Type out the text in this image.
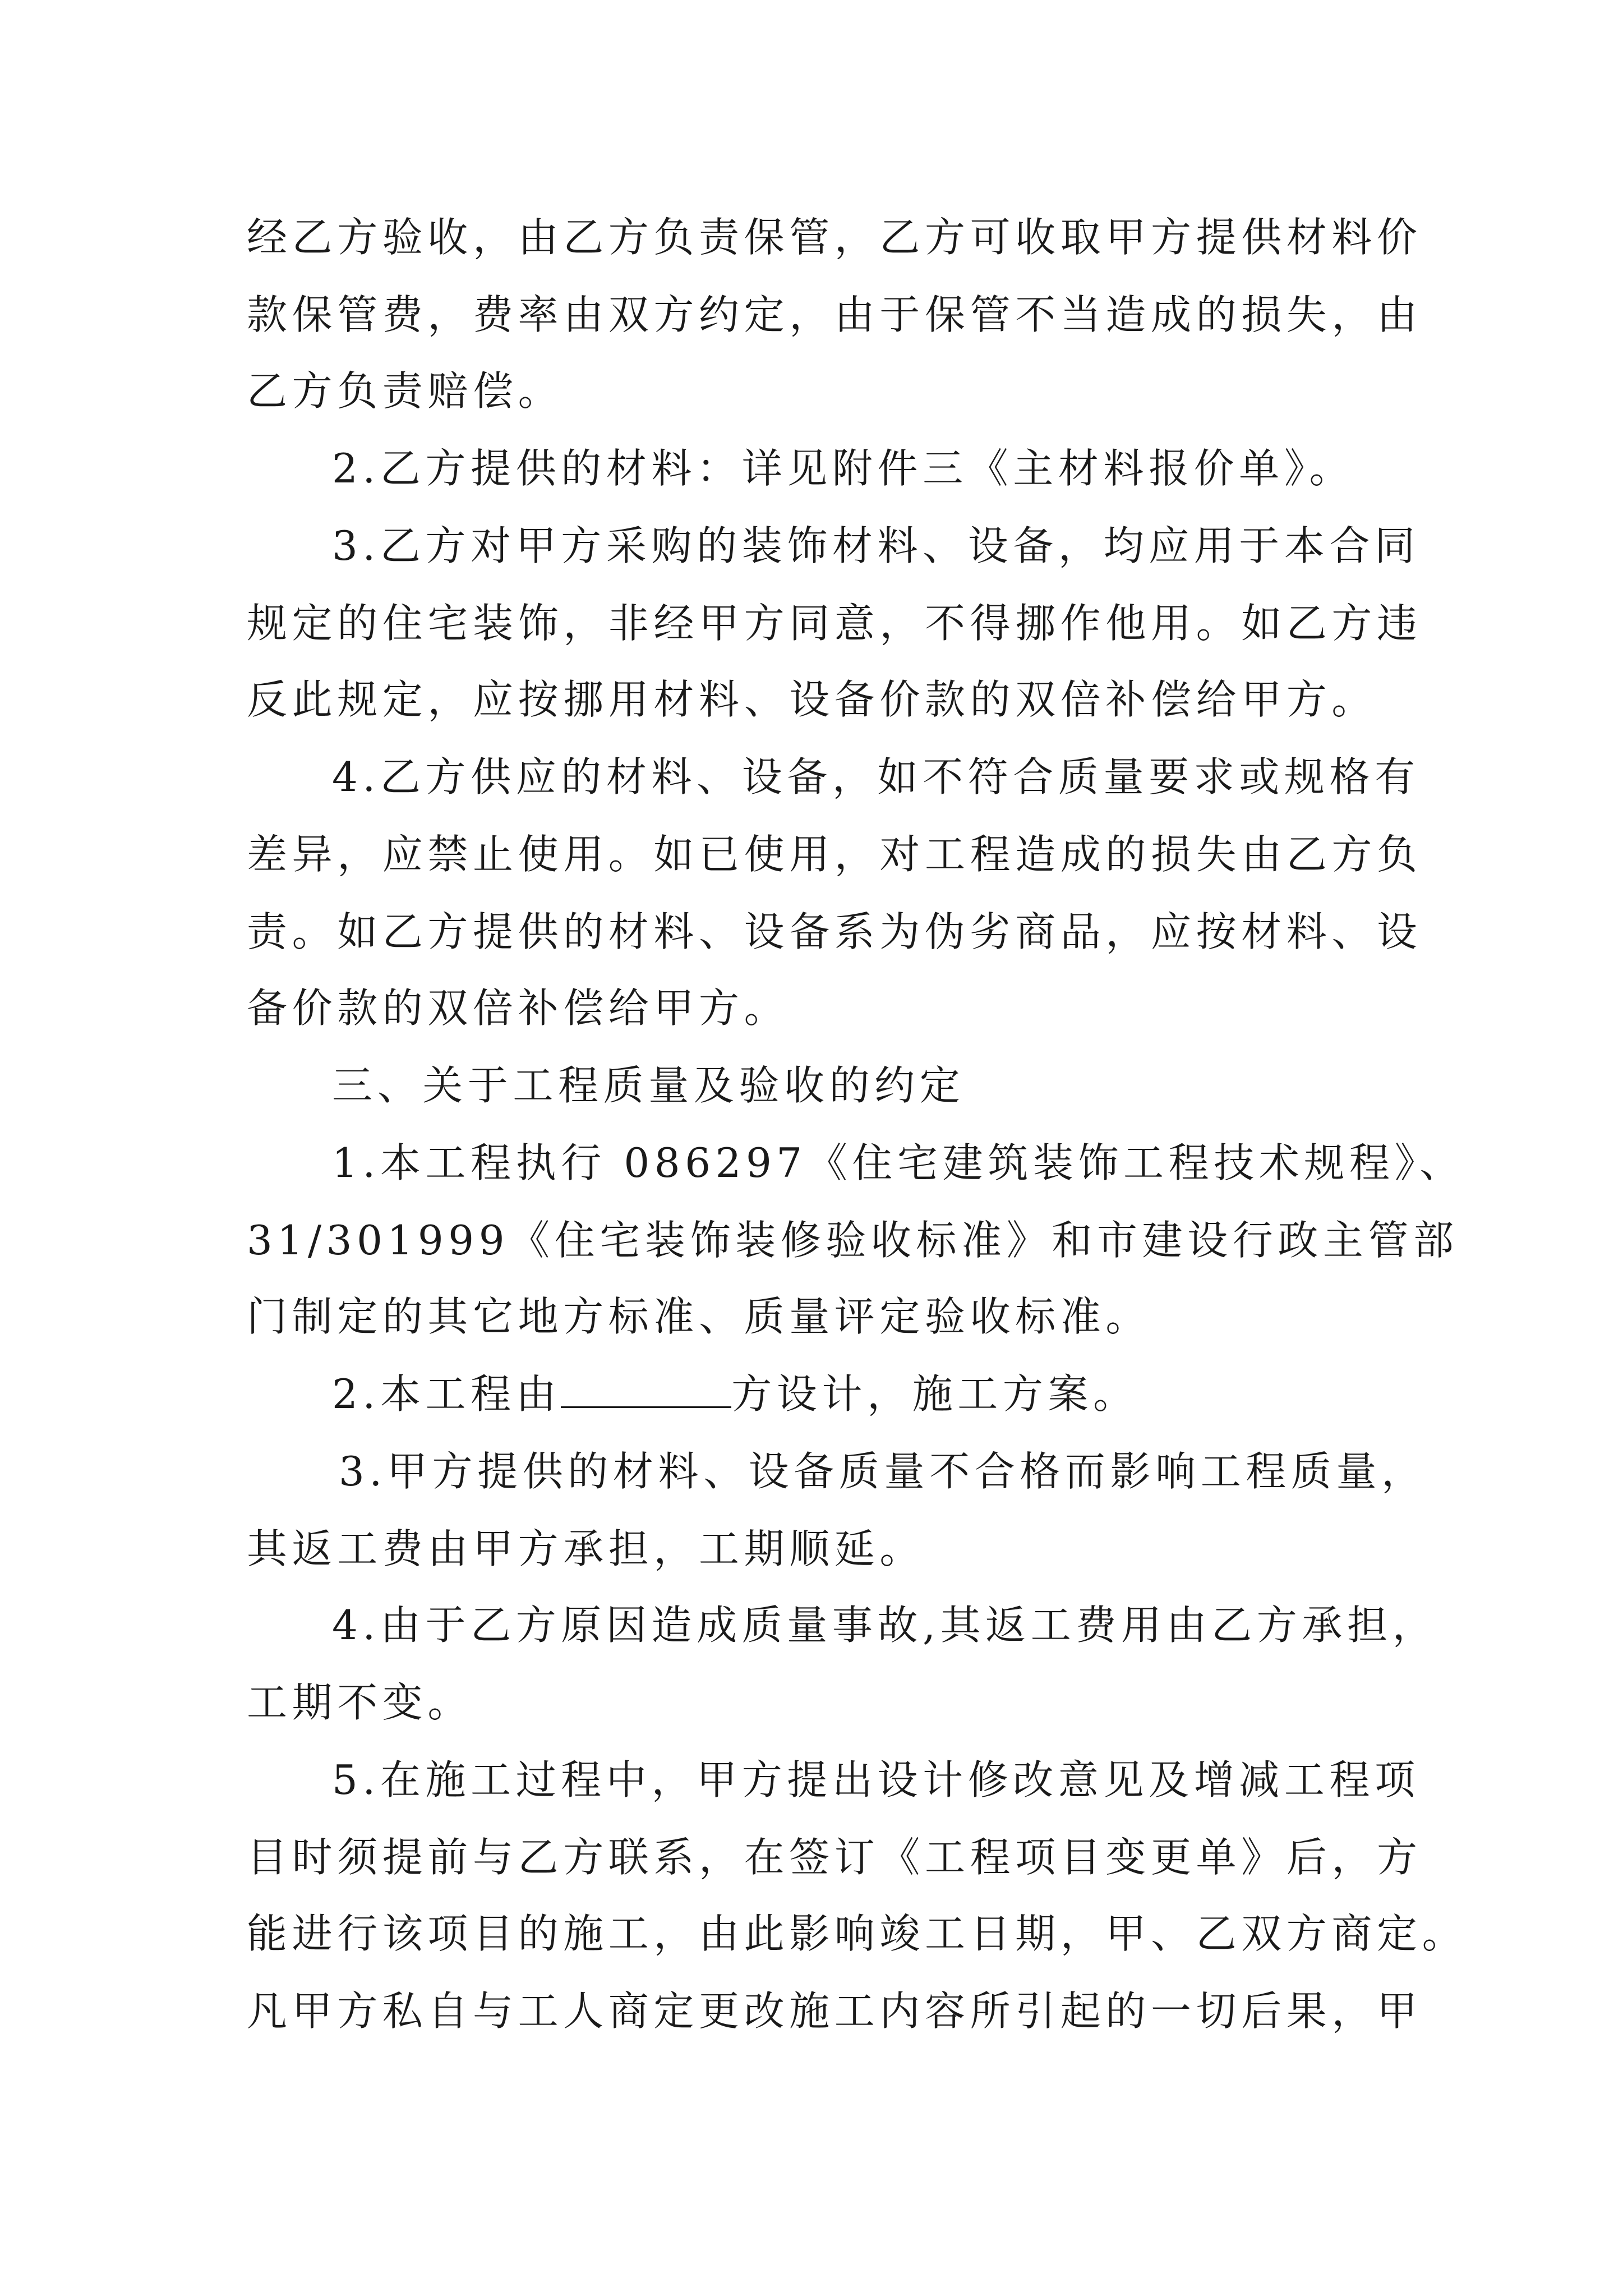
经乙方验收，由乙方负责保管，乙方可收取甲方提供材料价
款保管费，费率由双方约定，由于保管不当造成的损失，由
乙方负责赔偿。
2.乙方提供的材料：详见附件三《主材料报价单》。
3.乙方对甲方采购的装饰材料、设备，均应用于本合同
规定的住宅装饰，非经甲方同意，不得挪作他用。如乙方违
反此规定，应按挪用材料、设备价款的双倍补偿给甲方。
4.乙方供应的材料、设备，如不符合质量要求或规格有
差异，应禁止使用。如已使用，对工程造成的损失由乙方负
责。如乙方提供的材料、设备系为伪劣商品，应按材料、设
备价款的双倍补偿给甲方。
三、关于工程质量及验收的约定
1.本工程执行 086297《住宅建筑装饰工程技术规程》、
31/301999《住宅装饰装修验收标准》和市建设行政主管部
门制定的其它地方标准、质量评定验收标准。
2.本工程由	方设计，施工方案。
3.甲方提供的材料、设备质量不合格而影响工程质量，
其返工费由甲方承担，工期顺延。
4.由于乙方原因造成质量事故,其返工费用由乙方承担，
工期不变。
5.在施工过程中，甲方提出设计修改意见及增减工程项
目时须提前与乙方联系，在签订《工程项目变更单》后，方
能进行该项目的施工，由此影响竣工日期，甲、乙双方商定。
凡甲方私自与工人商定更改施工内容所引起的一切后果，甲
